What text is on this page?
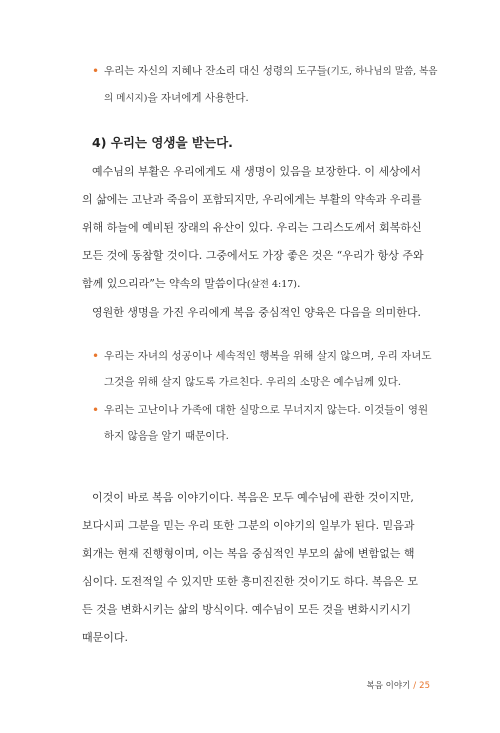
• 우리는 자신의 지혜나 잔소리 대신 성령의 도구들(기도, 하나님의 말씀, 복음
의 메시지)을 자녀에게 사용한다.
4) 우리는 영생을 받는다.
예수님의 부활은 우리에게도 새 생명이 있음을 보장한다. 이 세상에서
의 삶에는 고난과 죽음이 포함되지만, 우리에게는 부활의 약속과 우리를
위해 하늘에 예비된 장래의 유산이 있다. 우리는 그리스도께서 회복하신
모든 것에 동참할 것이다. 그중에서도 가장 좋은 것은 “우리가 항상 주와
함께 있으리라”는 약속의 말씀이다(살전 4:17).
영원한 생명을 가진 우리에게 복음 중심적인 양육은 다음을 의미한다.
• 우리는 자녀의 성공이나 세속적인 행복을 위해 살지 않으며, 우리 자녀도
그것을 위해 살지 않도록 가르친다. 우리의 소망은 예수님께 있다.
• 우리는 고난이나 가족에 대한 실망으로 무너지지 않는다. 이것들이 영원
하지 않음을 알기 때문이다.
이것이 바로 복음 이야기이다. 복음은 모두 예수님에 관한 것이지만,
보다시피 그분을 믿는 우리 또한 그분의 이야기의 일부가 된다. 믿음과
회개는 현재 진행형이며, 이는 복음 중심적인 부모의 삶에 변함없는 핵
심이다. 도전적일 수 있지만 또한 흥미진진한 것이기도 하다. 복음은 모
든 것을 변화시키는 삶의 방식이다. 예수님이 모든 것을 변화시키시기
때문이다.
복음 이야기 / 25
